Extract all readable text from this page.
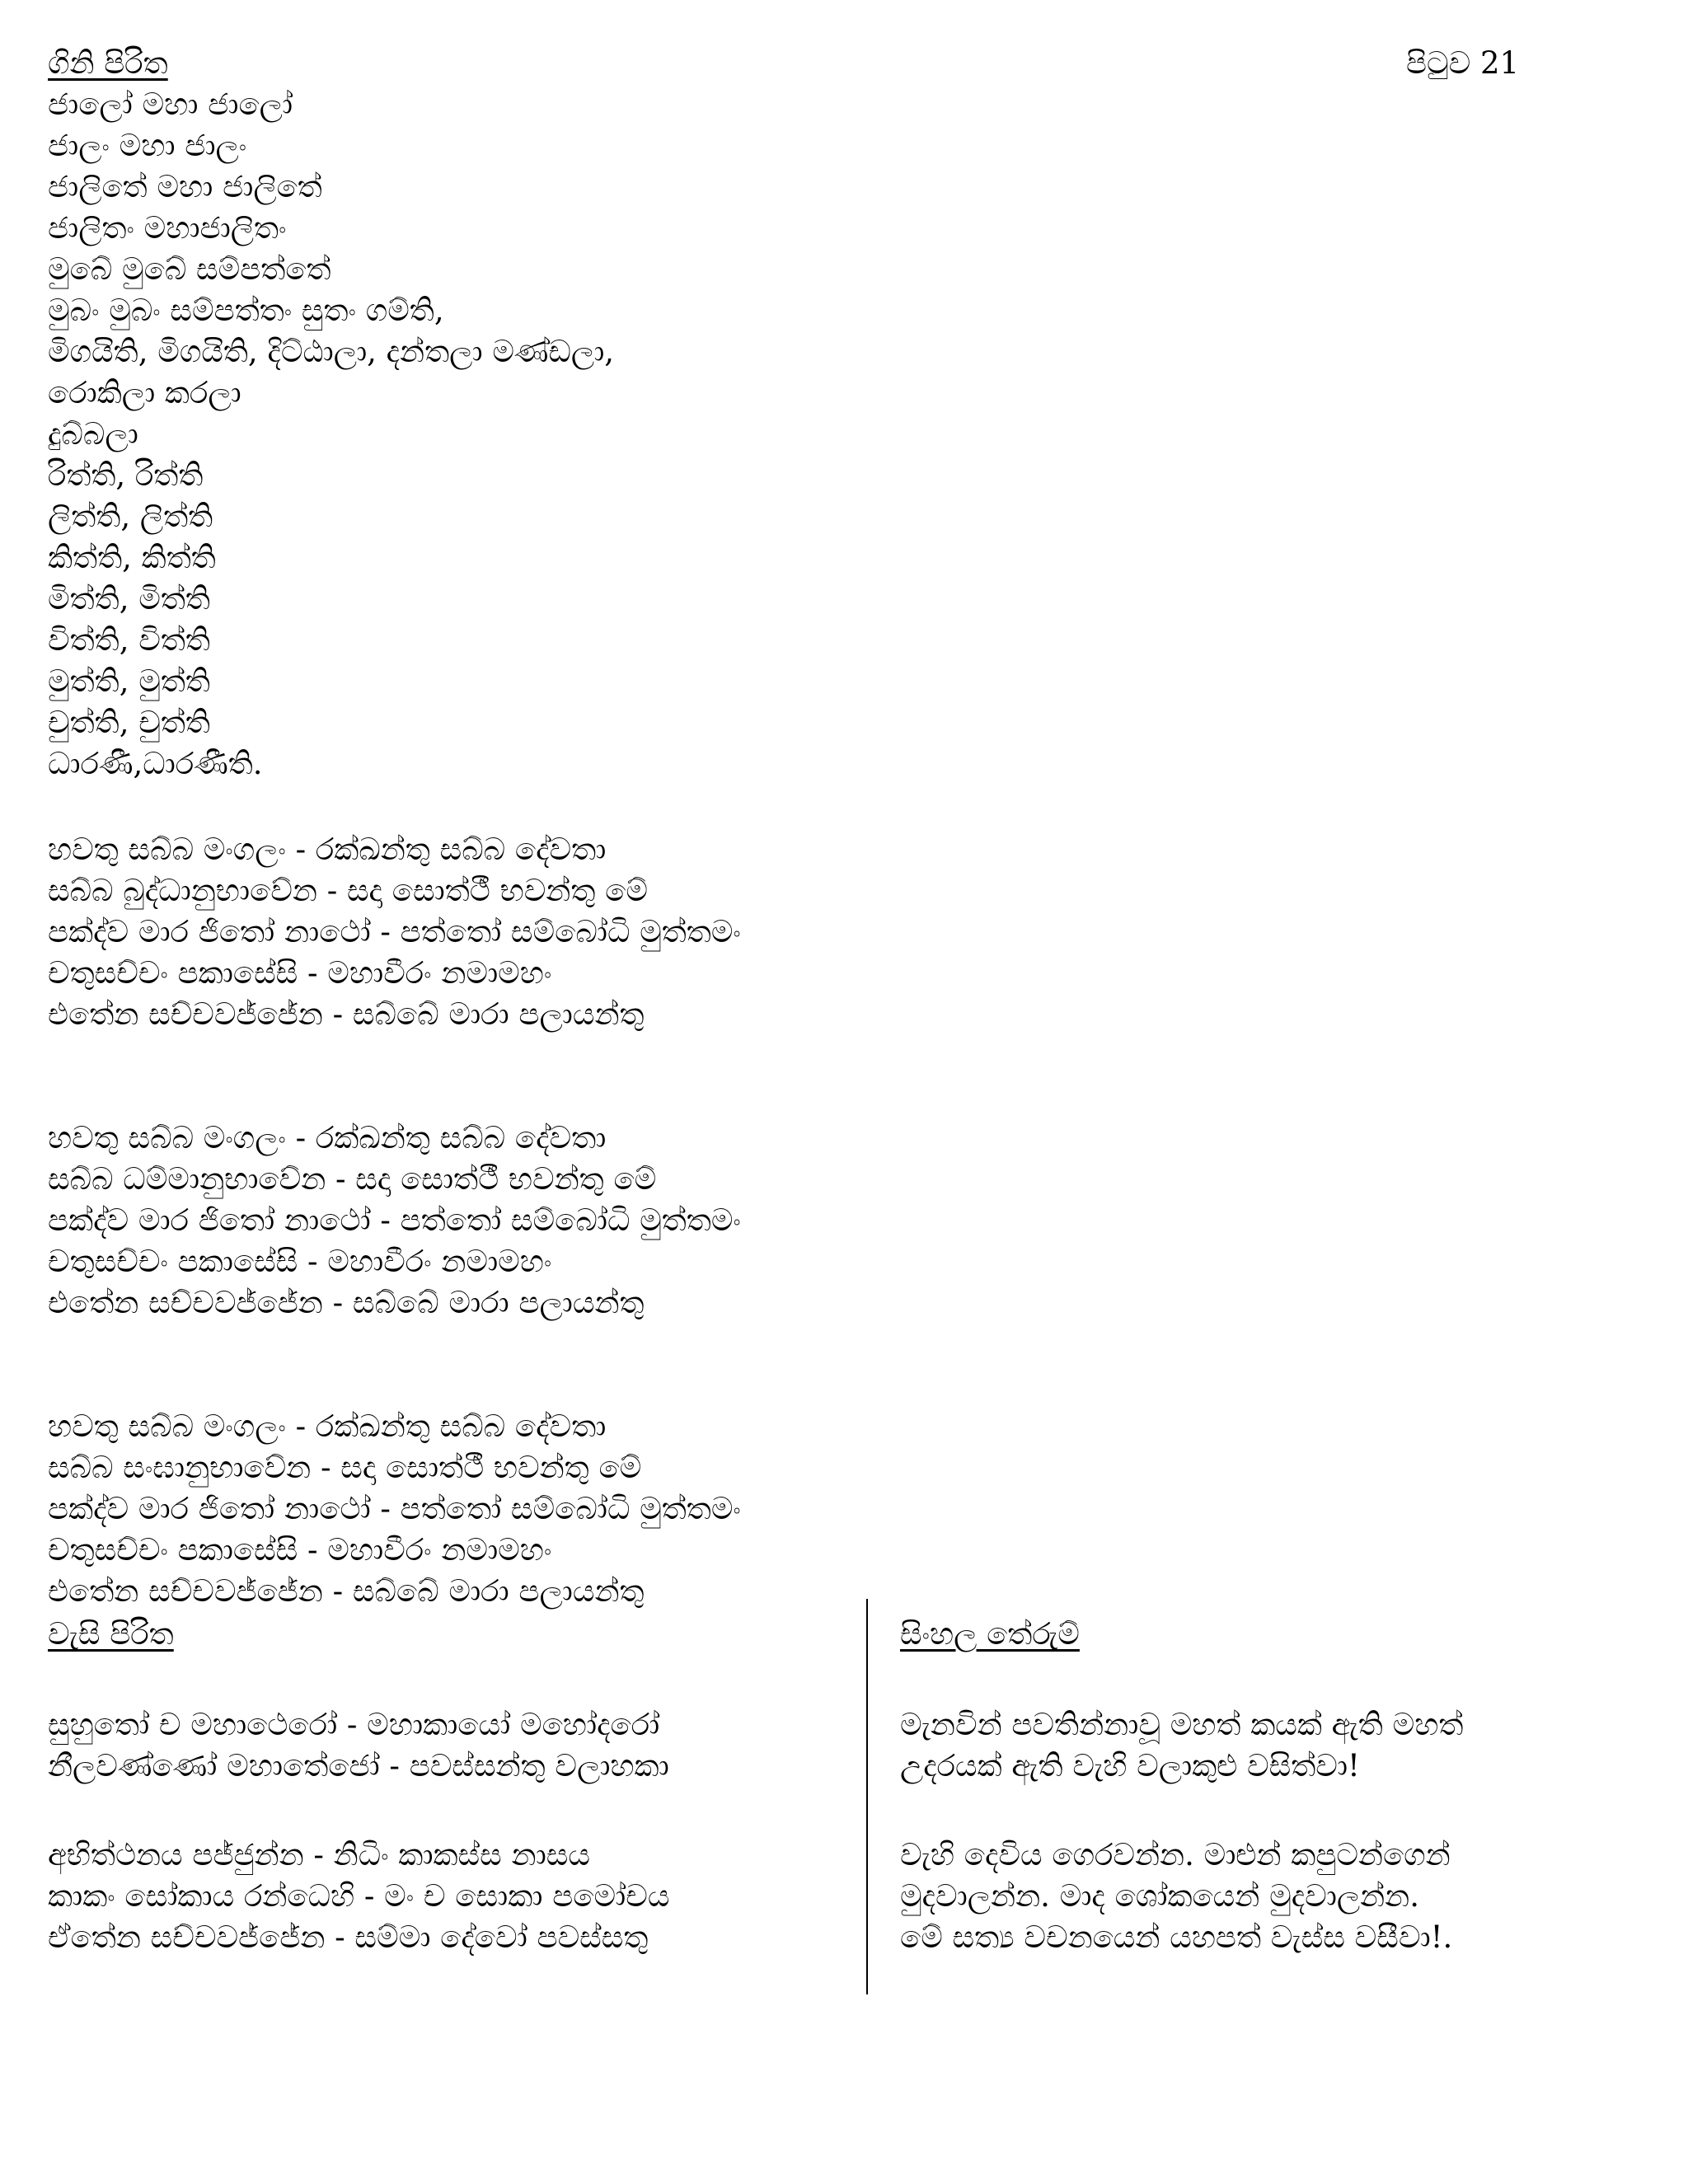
ගිනි පිරිත	පිටුව 21
ජාලෝ මහා ජාලෝ
ජාලං මහා ජාලං
ජාලිතේ මහා ජාලිතේ
ජාලිතං මහාජාලිතං
මුබේ මුබේ සම්පත්තේ
මුබං මුබං සම්පත්තං සුතං ගම්ති,
මිගයිති, මිගයිති, දිට්ඨාලා, දන්තලා මණ්ඩලා,
රොකිලා කරලා
දුබ්බලා
රිත්ති, රිත්ති
ලිත්ති, ලිත්ති
කිත්ති, කිත්ති
මිත්ති, මිත්ති
විත්ති, විත්ති
මුත්ති, මුත්ති
චුත්ති, චුත්ති
ධාරණී,ධාරණීති.
හවතු සබ්බ මංගලං - රක්ඛන්තු සබ්බ දේවතා
සබ්බ බුද්ධානුභාවේන - සදා සොත්ථී භවන්තු මේ
පක්ද්ව මාර ජිතෝ නාථෝ - පත්තෝ සම්බෝධි මුත්තමං
චතුසච්චං පකාසේසි - මහාවීරං නමාමහං
එතේන සච්චවජ්ජේන - සබ්බේ මාරා පලායන්තු
හවතු සබ්බ මංගලං - රක්ඛන්තු සබ්බ දේවතා
සබ්බ ධම්මානුභාවේන - සදා සොත්ථී භවන්තු මේ
පක්ද්ව මාර ජිතෝ නාථෝ - පත්තෝ සම්බෝධි මුත්තමං
චතුසච්චං පකාසේසි - මහාවීරං නමාමහං
එතේන සච්චවජ්ජේන - සබ්බේ මාරා පලායන්තු
හවතු සබ්බ මංගලං - රක්ඛන්තු සබ්බ දේවතා
සබ්බ සංඝානුභාවේන - සදා සොත්ථී භවන්තු මේ
පක්ද්ව මාර ජිතෝ නාථෝ - පත්තෝ සම්බෝධි මුත්තමං
චතුසච්චං පකාසේසි - මහාවීරං නමාමහං
එතේන සච්චවජ්ජේන - සබ්බේ මාරා පලායන්තු
වැසි පිරිත
සුහුතෝ ච මහාථෙරෝ - මහාකායෝ මහෝදරෝ
නීලවණ්ණෝ මහාතේජෝ - පවස්සන්තු වලාහකා
අභිත්ථනය පජ්ජුන්න - නිධිං කාකස්ස නාසය
කාකං සෝකාය රන්ධෙහි - මං ච සොකා පමෝචය
ඒතේන සච්චවජ්ජේන - සම්මා දේවෝ පවස්සතු
සිංහල තේරුම්
මැනවින් පවතින්නාවූ මහත් කයක් ඇති මහත්
උදරයක් ඇති වැහි වලාකුළු වසිත්වා!
වැහි දෙවිය ගෙරවන්න. මාළුන් කපුටන්ගෙන්
මුදවාලන්න. මාද ශෝකයෙන් මුදවාලන්න.
මේ සත්‍ය වචනයෙන් යහපත් වැස්ස වසීවා!.
